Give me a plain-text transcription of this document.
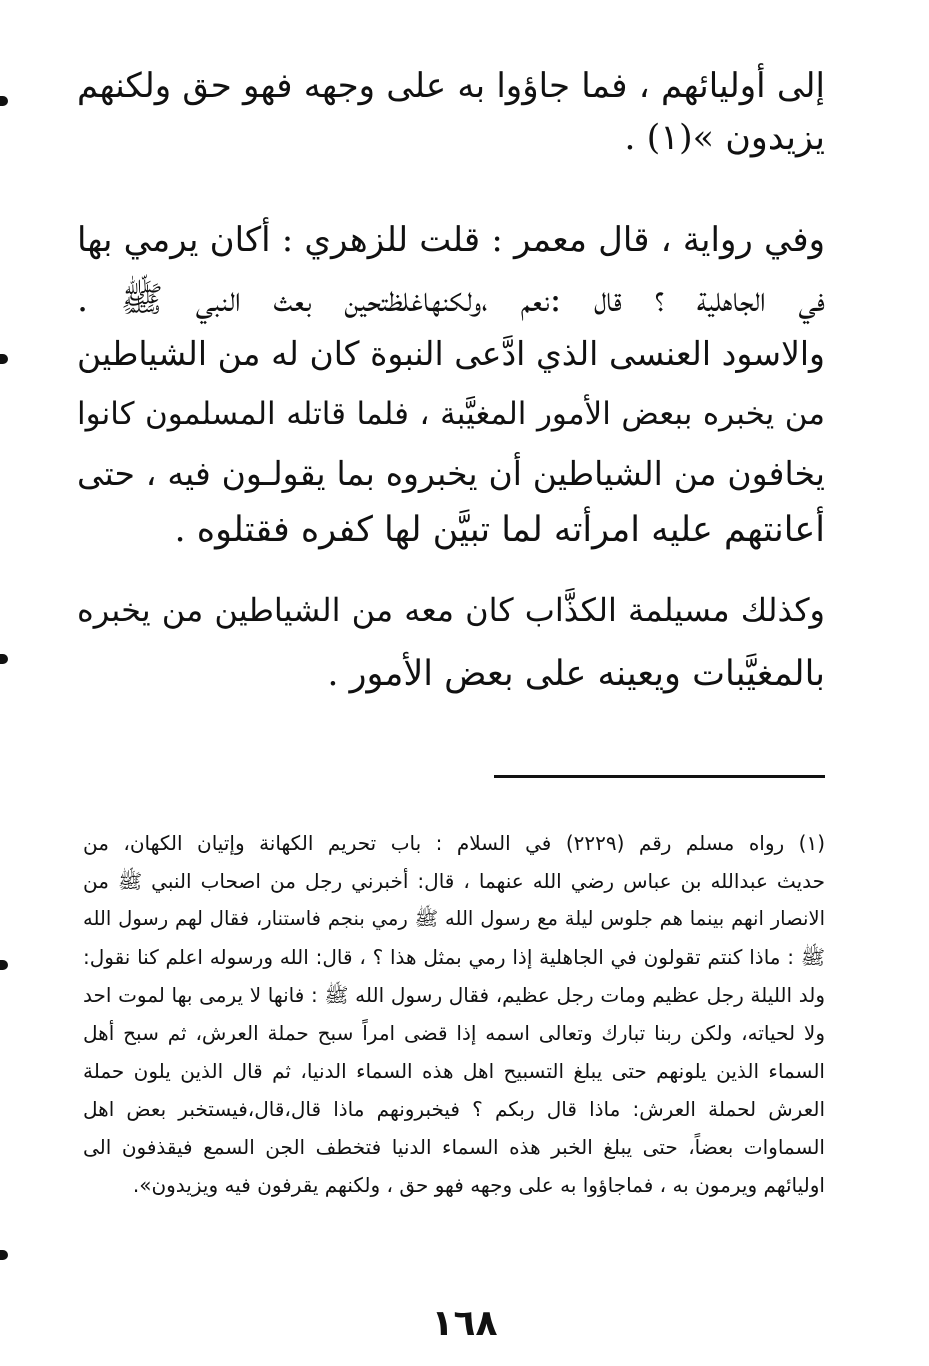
إلى أوليائهم ، فما جاؤوا به على وجهه فهو حق ولكنهم
يزيدون »(١) .
وفي رواية ، قال معمر : قلت للزهري : أكان يرمي بها
في الجاهلية ؟ قال :نعم ،ولكنهاغلظتحين بعث النبي ﷺ .
والاسود العنسى الذي ادَّعى النبوة كان له من الشياطين
من يخبره ببعض الأمور المغيَّبة ، فلما قاتله المسلمون كانوا
يخافون من الشياطين أن يخبروه بما يقولـون فيه ، حتى
أعانتهم عليه امرأته لما تبيَّن لها كفره فقتلوه .
وكذلك مسيلمة الكذَّاب كان معه من الشياطين من يخبره
بالمغيَّبات ويعينه على بعض الأمور .
(١) رواه مسلم رقم (٢٢٢٩) في السلام : باب تحريم الكهانة وإتيان الكهان، من
حديث عبدالله بن عباس رضي الله عنهما ، قال: أخبرني رجل من اصحاب النبي ﷺ من
الانصار انهم بينما هم جلوس ليلة مع رسول الله ﷺ رمي بنجم فاستنار، فقال لهم رسول الله
ﷺ : ماذا كنتم تقولون في الجاهلية إذا رمي بمثل هذا ؟ ، قال: الله ورسوله اعلم كنا نقول:
ولد الليلة رجل عظيم ومات رجل عظيم، فقال رسول الله ﷺ : فانها لا يرمى بها لموت احد
ولا لحياته، ولكن ربنا تبارك وتعالى اسمه إذا قضى امراً سبح حملة العرش، ثم سبح أهل
السماء الذين يلونهم حتى يبلغ التسبيح اهل هذه السماء الدنيا، ثم قال الذين يلون حملة
العرش لحملة العرش: ماذا قال ربكم ؟ فيخبرونهم ماذا قال،قال،فيستخبر بعض اهل
السماوات بعضاً، حتى يبلغ الخبر هذه السماء الدنيا فتخطف الجن السمع فيقذفون الى
اوليائهم ويرمون به ، فماجاؤوا به على وجهه فهو حق ، ولكنهم يقرفون فيه ويزيدون».
١٦٨
